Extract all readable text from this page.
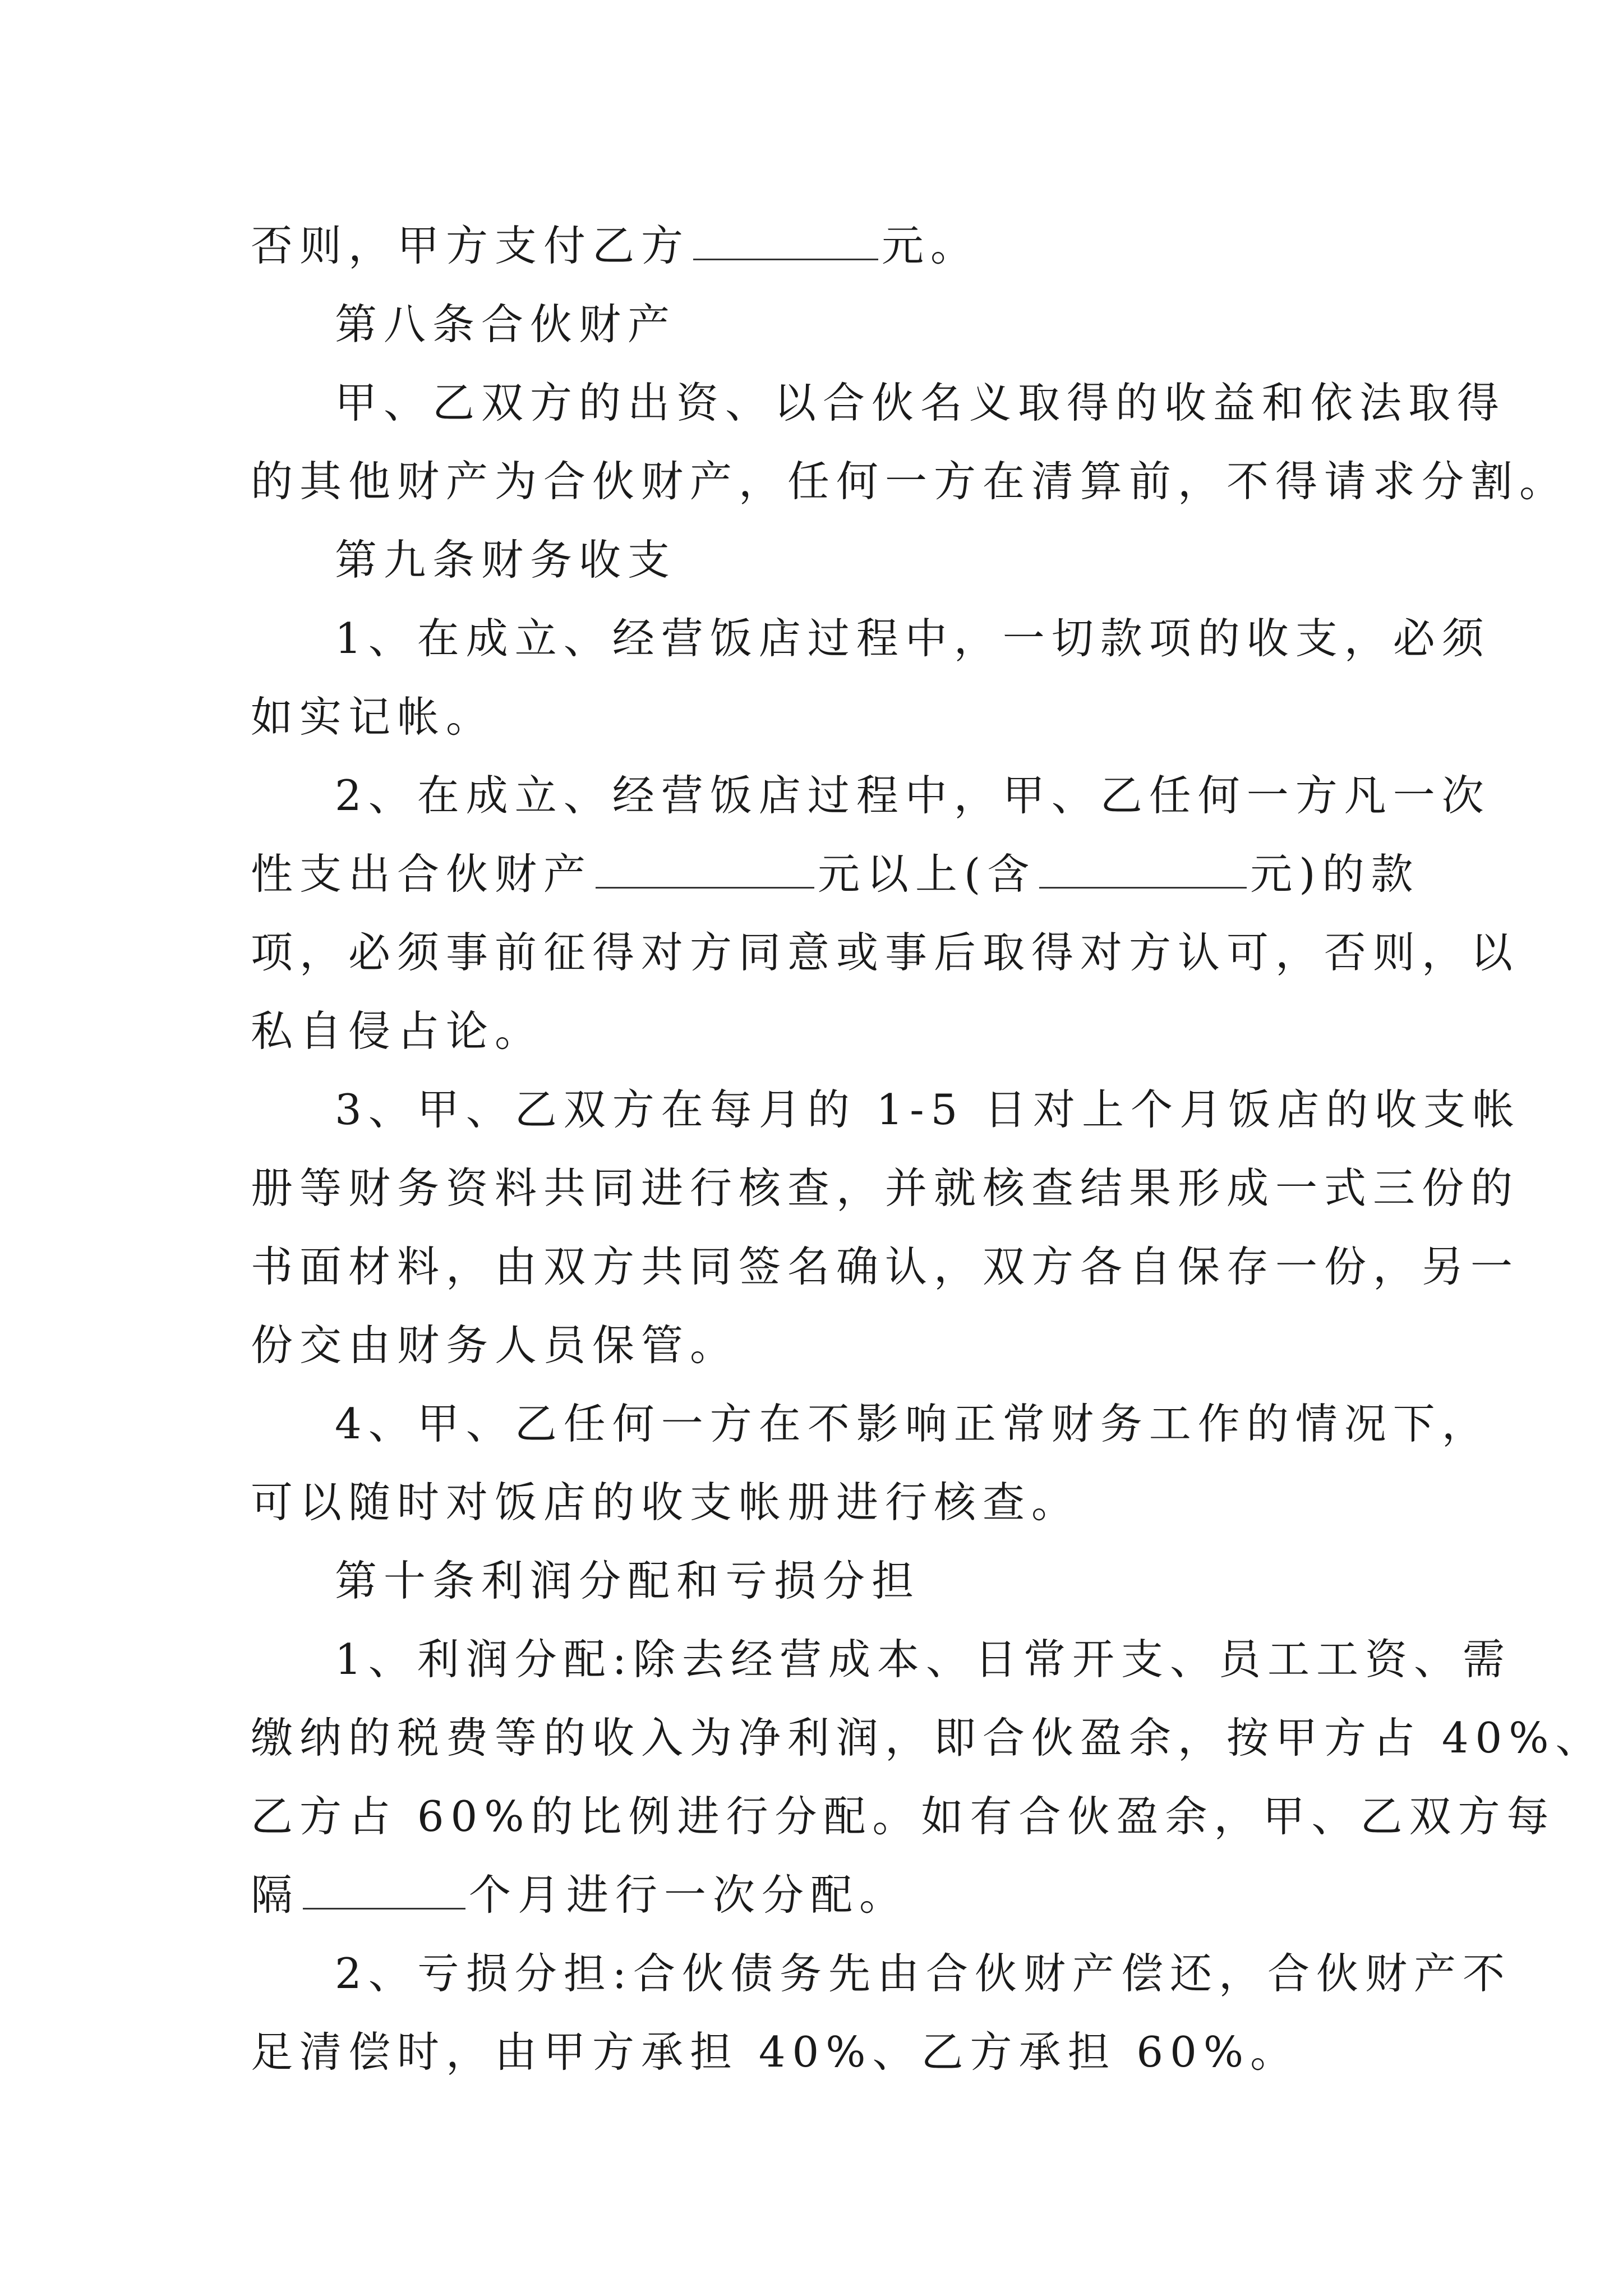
否则，甲方支付乙方	元。
第八条合伙财产
甲、乙双方的出资、以合伙名义取得的收益和依法取得
的其他财产为合伙财产，任何一方在清算前，不得请求分割。
第九条财务收支
1、在成立、经营饭店过程中，一切款项的收支，必须
如实记帐。
2、在成立、经营饭店过程中，甲、乙任何一方凡一次
性支出合伙财产	元以上(含	元)的款
项，必须事前征得对方同意或事后取得对方认可，否则，以
私自侵占论。
3、甲、乙双方在每月的 1-5 日对上个月饭店的收支帐
册等财务资料共同进行核查，并就核查结果形成一式三份的
书面材料，由双方共同签名确认，双方各自保存一份，另一
份交由财务人员保管。
4、甲、乙任何一方在不影响正常财务工作的情况下，
可以随时对饭店的收支帐册进行核查。
第十条利润分配和亏损分担
1、利润分配:除去经营成本、日常开支、员工工资、需
缴纳的税费等的收入为净利润，即合伙盈余，按甲方占 40%、
乙方占 60%的比例进行分配。如有合伙盈余，甲、乙双方每
隔	个月进行一次分配。
2、亏损分担:合伙债务先由合伙财产偿还，合伙财产不
足清偿时，由甲方承担 40%、乙方承担 60%。
